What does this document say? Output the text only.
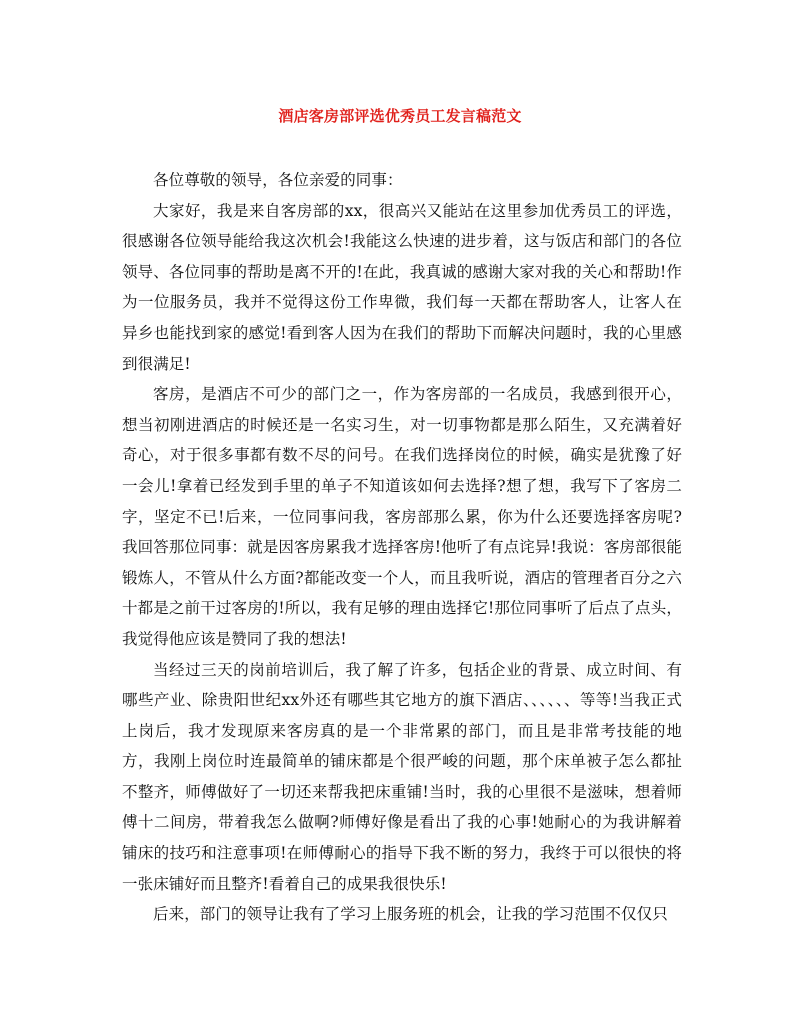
酒店客房部评选优秀员工发言稿范文

各位尊敬的领导，各位亲爱的同事：

大家好，我是来自客房部的xx，很高兴又能站在这里参加优秀员工的评选，很感谢各位领导能给我这次机会!我能这么快速的进步着，这与饭店和部门的各位领导、各位同事的帮助是离不开的!在此，我真诚的感谢大家对我的关心和帮助!作为一位服务员，我并不觉得这份工作卑微，我们每一天都在帮助客人，让客人在异乡也能找到家的感觉!看到客人因为在我们的帮助下而解决问题时，我的心里感到很满足!

客房，是酒店不可少的部门之一，作为客房部的一名成员，我感到很开心，想当初刚进酒店的时候还是一名实习生，对一切事物都是那么陌生，又充满着好奇心，对于很多事都有数不尽的问号。在我们选择岗位的时候，确实是犹豫了好一会儿!拿着已经发到手里的单子不知道该如何去选择?想了想，我写下了客房二字，坚定不已!后来，一位同事问我，客房部那么累，你为什么还要选择客房呢?我回答那位同事：就是因客房累我才选择客房!他听了有点诧异!我说：客房部很能锻炼人，不管从什么方面?都能改变一个人，而且我听说，酒店的管理者百分之六十都是之前干过客房的!所以，我有足够的理由选择它!那位同事听了后点了点头，我觉得他应该是赞同了我的想法!

当经过三天的岗前培训后，我了解了许多，包括企业的背景、成立时间、有哪些产业、除贵阳世纪xx外还有哪些其它地方的旗下酒店、、、、、、等等!当我正式上岗后，我才发现原来客房真的是一个非常累的部门，而且是非常考技能的地方，我刚上岗位时连最简单的铺床都是个很严峻的问题，那个床单被子怎么都扯不整齐，师傅做好了一切还来帮我把床重铺!当时，我的心里很不是滋味，想着师傅十二间房，带着我怎么做啊?师傅好像是看出了我的心事!她耐心的为我讲解着铺床的技巧和注意事项!在师傅耐心的指导下我不断的努力，我终于可以很快的将一张床铺好而且整齐!看着自己的成果我很快乐!

后来，部门的领导让我有了学习上服务班的机会，让我的学习范围不仅仅只
